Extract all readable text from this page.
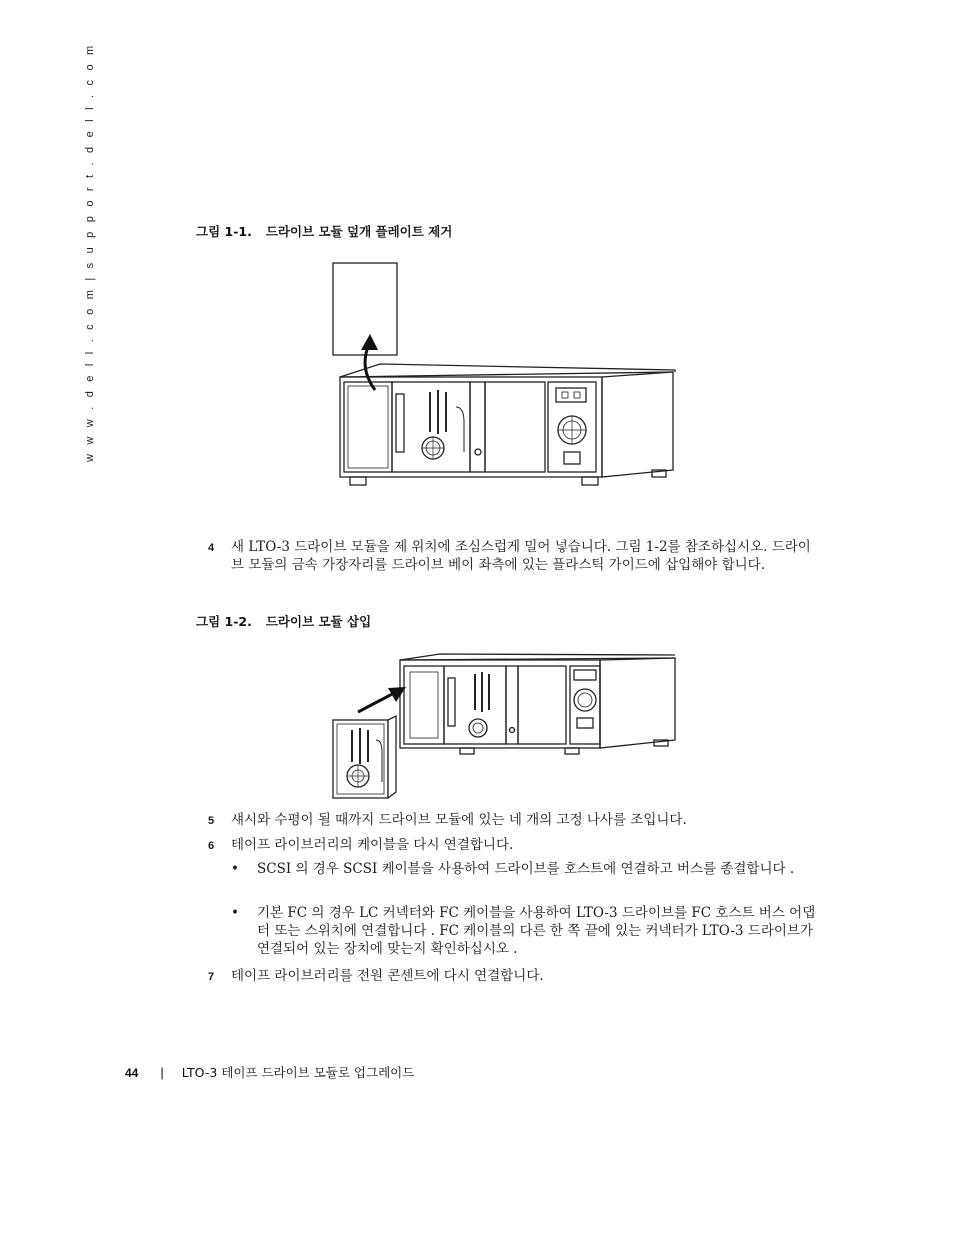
w w w . d e l l . c o m | s u p p o r t . d e l l . c o m	그림 1-1. 드라이브 모듈 덮개 플레이트 제거
4 새 LTO-3 드라이브 모듈을 제 위치에 조심스럽게 밀어 넣습니다. 그림 1-2를 참조하십시오. 드라이브 모듈의 금속 가장자리를 드라이브 베이 좌측에 있는 플라스틱 가이드에 삽입해야 합니다.
그림 1-2. 드라이브 모듈 삽입
5 섀시와 수평이 될 때까지 드라이브 모듈에 있는 네 개의 고정 나사를 조입니다.
6 테이프 라이브러리의 케이블을 다시 연결합니다.
• SCSI 의 경우 SCSI 케이블을 사용하여 드라이브를 호스트에 연결하고 버스를 종결합니다 .
• 기본 FC 의 경우 LC 커넥터와 FC 케이블을 사용하여 LTO-3 드라이브를 FC 호스트 버스 어댑터 또는 스위치에 연결합니다 . FC 케이블의 다른 한 쪽 끝에 있는 커넥터가 LTO-3 드라이브가 연결되어 있는 장치에 맞는지 확인하십시오 .
7 테이프 라이브러리를 전원 콘센트에 다시 연결합니다.
44 | LTO-3 테이프 드라이브 모듈로 업그레이드
